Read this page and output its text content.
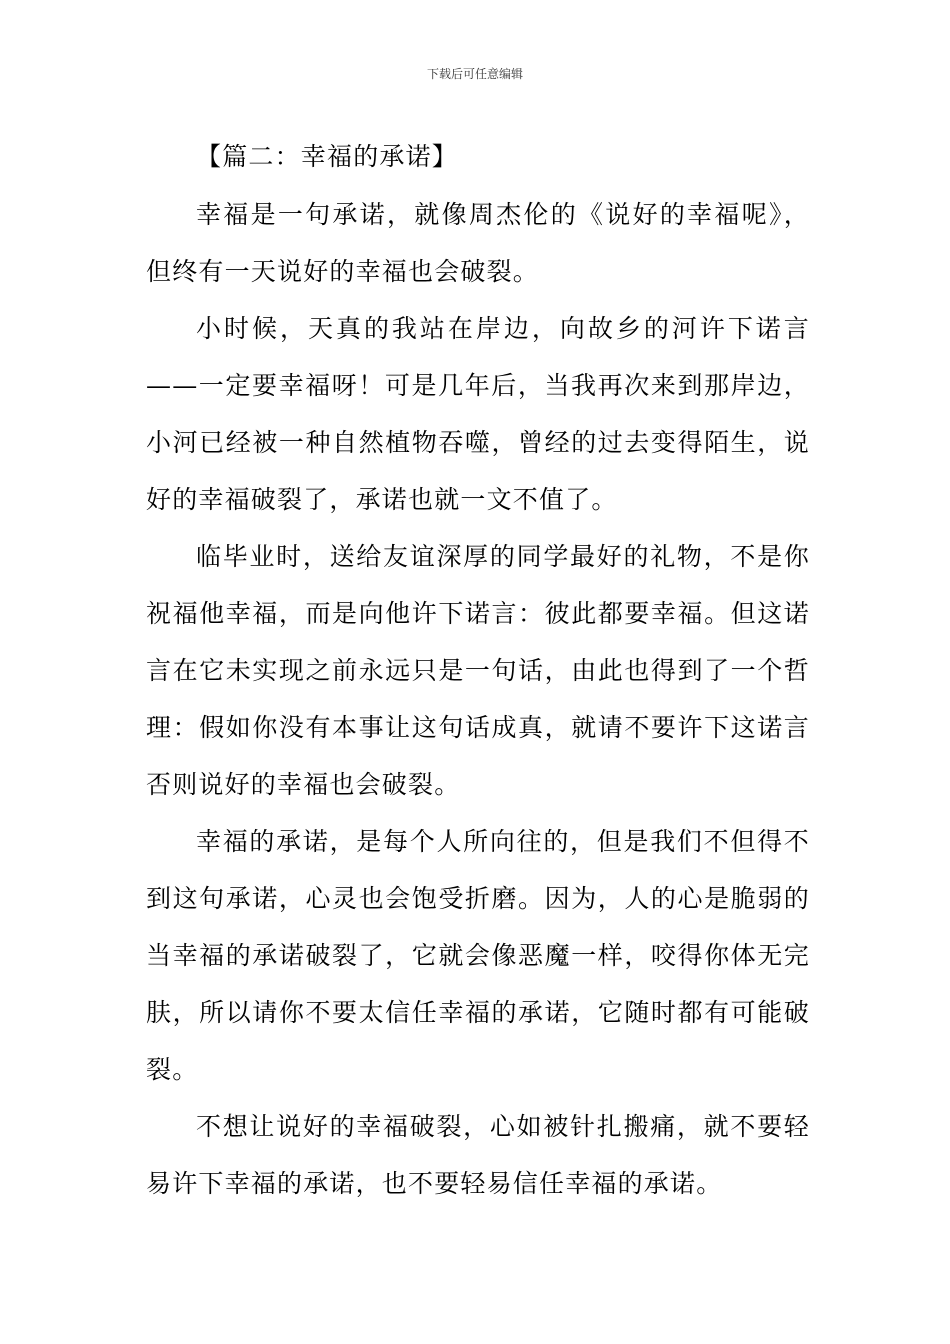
下载后可任意编辑

【篇二：幸福的承诺】

幸福是一句承诺，就像周杰伦的《说好的幸福呢》，但终有一天说好的幸福也会破裂。

小时候，天真的我站在岸边，向故乡的河许下诺言——一定要幸福呀！可是几年后，当我再次来到那岸边，小河已经被一种自然植物吞噬，曾经的过去变得陌生，说好的幸福破裂了，承诺也就一文不值了。

临毕业时，送给友谊深厚的同学最好的礼物，不是你祝福他幸福，而是向他许下诺言：彼此都要幸福。但这诺言在它未实现之前永远只是一句话，由此也得到了一个哲理：假如你没有本事让这句话成真，就请不要许下这诺言否则说好的幸福也会破裂。

幸福的承诺，是每个人所向往的，但是我们不但得不到这句承诺，心灵也会饱受折磨。因为，人的心是脆弱的当幸福的承诺破裂了，它就会像恶魔一样，咬得你体无完肤，所以请你不要太信任幸福的承诺，它随时都有可能破裂。

不想让说好的幸福破裂，心如被针扎搬痛，就不要轻易许下幸福的承诺，也不要轻易信任幸福的承诺。
